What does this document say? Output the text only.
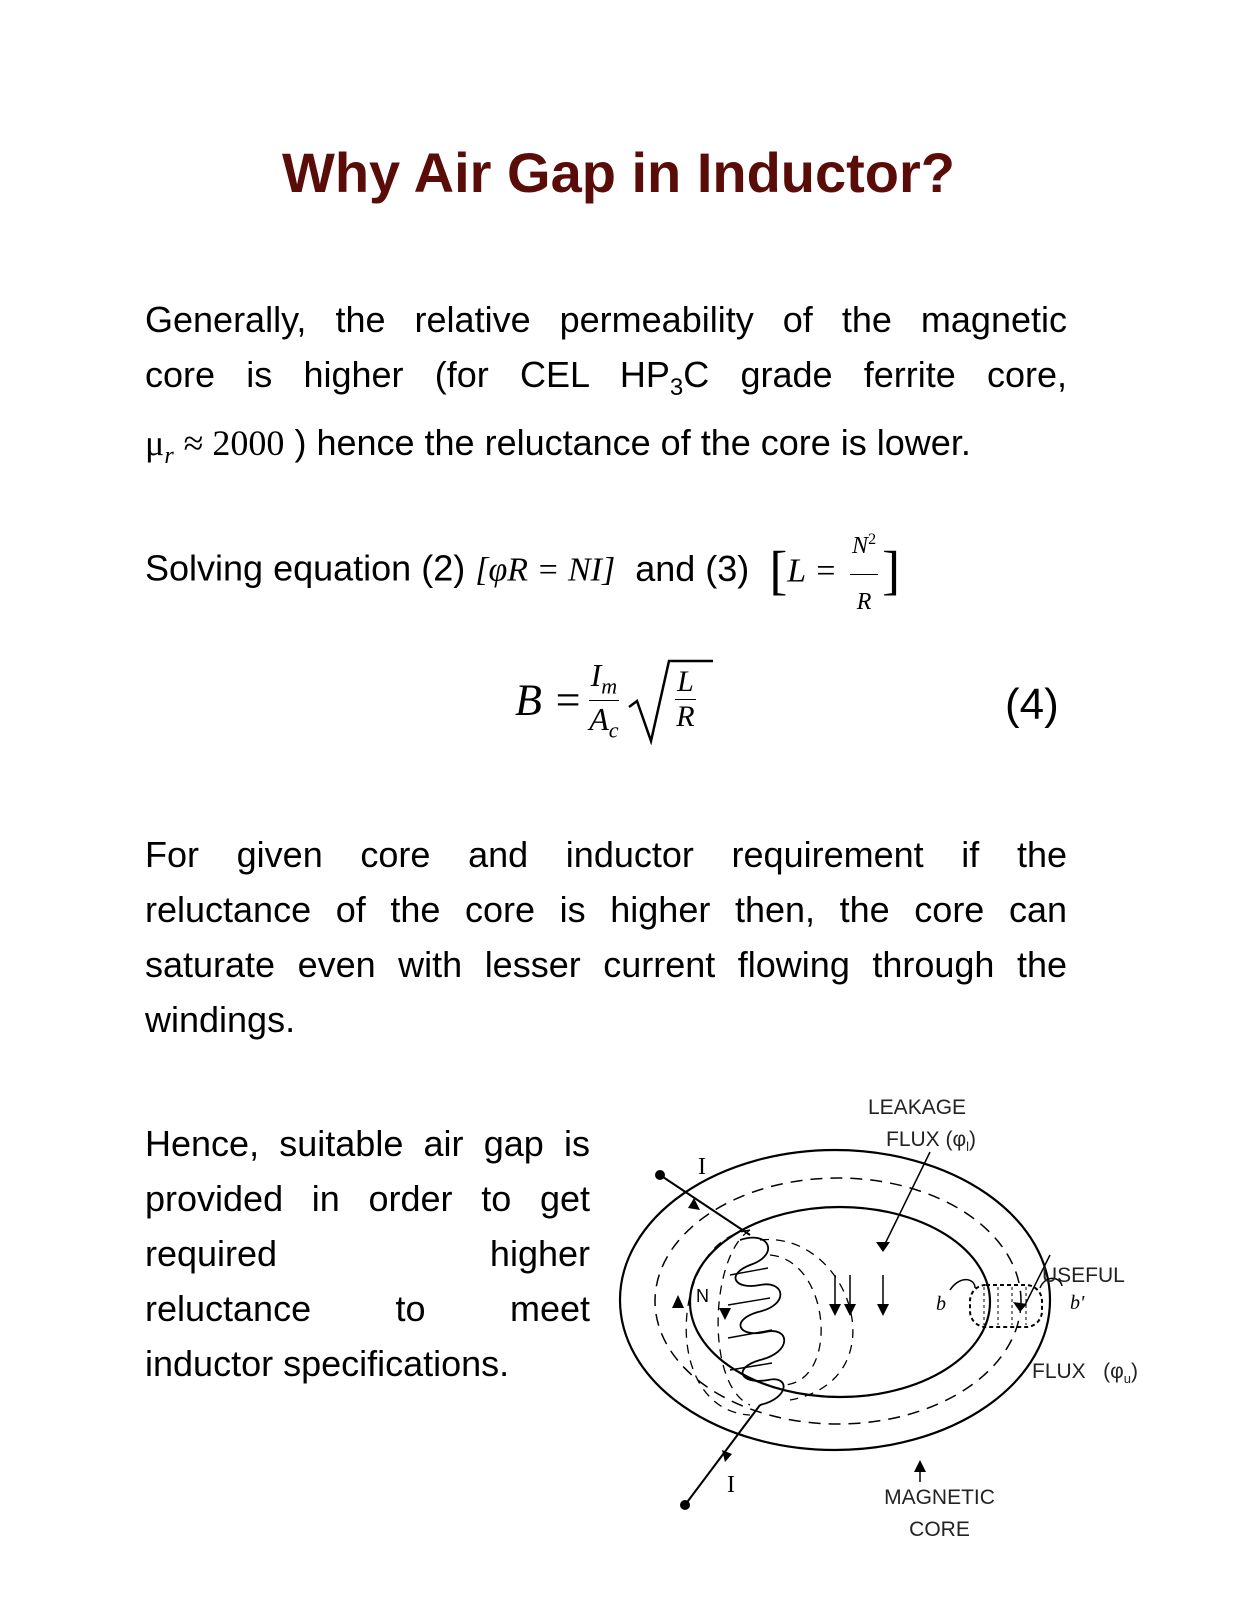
Why Air Gap in Inductor?
Generally, the relative permeability of the magnetic
core is higher (for CEL $HP_3C$ grade ferrite core,
$\mu_r \approx 2000$ ) hence the reluctance of the core is lower.
Solving equation (2) [φR = NI] and (3) [$L = \frac{N^2}{R}$ ]
$B = \frac{I_m}{A_c}$
$\frac{L}{R}$	(4)
For given core and inductor requirement if the
reluctance of the core is higher then, the core can
saturate even with lesser current flowing through the
windings.
Hence, suitable air gap is
provided in order to get
required	higher
reluctance to meet
inductor specifications.
LEAKAGE
FLUX $(\varphi_l)$

USEFUL

FLUX   $(\varphi_u)$

MAGNETIC
CORE
I
I
N	b	b'
